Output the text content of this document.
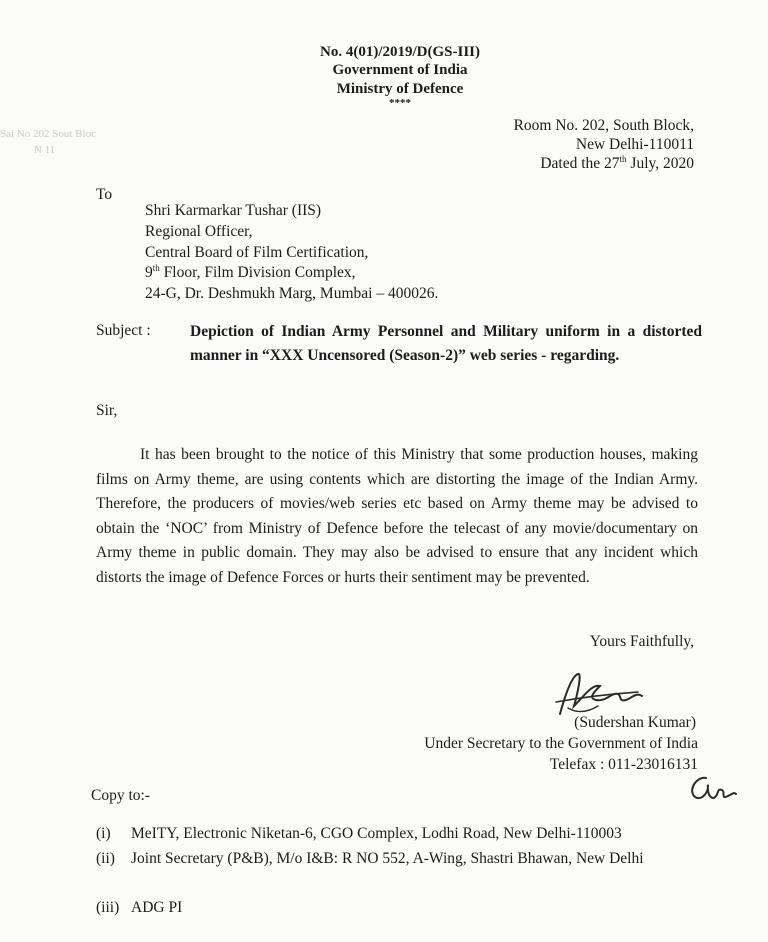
Sai No 202 Sout Bloc
N 11
No. 4(01)/2019/D(GS-III)
Government of India
Ministry of Defence
****
Room No. 202, South Block,
New Delhi-110011
Dated the 27th July, 2020
To
Shri Karmarkar Tushar (IIS)
Regional Officer,
Central Board of Film Certification,
9th Floor, Film Division Complex,
24-G, Dr. Deshmukh Marg, Mumbai – 400026.
Subject :	Depiction of Indian Army Personnel and Military uniform in a distorted manner in “XXX Uncensored (Season-2)” web series - regarding.
Sir,
It has been brought to the notice of this Ministry that some production houses, making films on Army theme, are using contents which are distorting the image of the Indian Army. Therefore, the producers of movies/web series etc based on Army theme may be advised to obtain the ‘NOC’ from Ministry of Defence before the telecast of any movie/documentary on Army theme in public domain. They may also be advised to ensure that any incident which distorts the image of Defence Forces or hurts their sentiment may be prevented.
Yours Faithfully,
(Sudershan Kumar)
Under Secretary to the Government of India
Telefax : 011-23016131
Copy to:-
(i) MeITY, Electronic Niketan-6, CGO Complex, Lodhi Road, New Delhi-110003
(ii) Joint Secretary (P&B), M/o I&B: R NO 552, A-Wing, Shastri Bhawan, New Delhi
(iii) ADG PI
